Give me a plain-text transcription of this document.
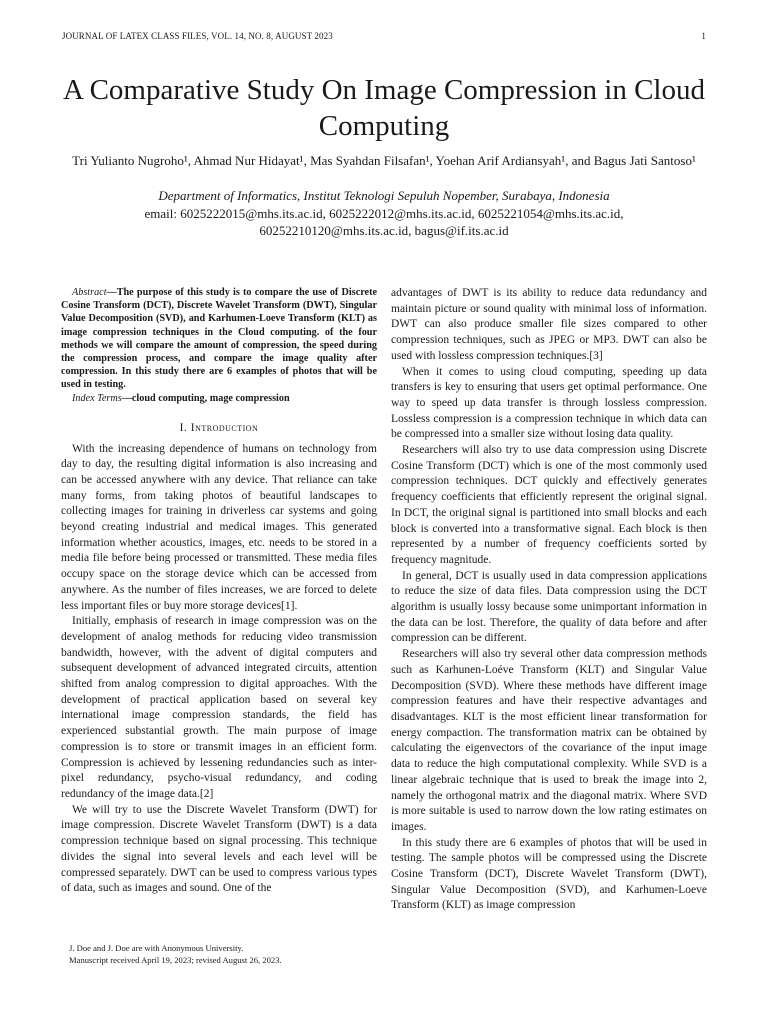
JOURNAL OF LATEX CLASS FILES, VOL. 14, NO. 8, AUGUST 2023	1
A Comparative Study On Image Compression in Cloud Computing
Tri Yulianto Nugroho¹, Ahmad Nur Hidayat¹, Mas Syahdan Filsafan¹, Yoehan Arif Ardiansyah¹, and Bagus Jati Santoso¹
Department of Informatics, Institut Teknologi Sepuluh Nopember, Surabaya, Indonesia
email: 6025222015@mhs.its.ac.id, 6025222012@mhs.its.ac.id, 6025221054@mhs.its.ac.id,
60252210120@mhs.its.ac.id, bagus@if.its.ac.id

Abstract—The purpose of this study is to compare the use of Discrete Cosine Transform (DCT), Discrete Wavelet Transform (DWT), Singular Value Decomposition (SVD), and Karhumen-Loeve Transform (KLT) as image compression techniques in the Cloud computing. of the four methods we will compare the amount of compression, the speed during the compression process, and compare the image quality after compression. In this study there are 6 examples of photos that will be used in testing.

Index Terms—cloud computing, mage compression

I. Introduction

With the increasing dependence of humans on technology from day to day, the resulting digital information is also increasing and can be accessed anywhere with any device. That reliance can take many forms, from taking photos of beautiful landscapes to collecting images for training in driverless car systems and going beyond creating industrial and medical images. This generated information whether acoustics, images, etc. needs to be stored in a media file before being processed or transmitted. These media files occupy space on the storage device which can be accessed from anywhere. As the number of files increases, we are forced to delete less important files or buy more storage devices[1].

Initially, emphasis of research in image compression was on the development of analog methods for reducing video transmission bandwidth, however, with the advent of digital computers and subsequent development of advanced integrated circuits, attention shifted from analog compression to digital approaches. With the development of practical application based on several key international image compression standards, the field has experienced substantial growth. The main purpose of image compression is to store or transmit images in an efficient form. Compression is achieved by lessening redundancies such as inter-pixel redundancy, psycho-visual redundancy, and coding redundancy of the image data.[2]

We will try to use the Discrete Wavelet Transform (DWT) for image compression. Discrete Wavelet Transform (DWT) is a data compression technique based on signal processing. This technique divides the signal into several levels and each level will be compressed separately. DWT can be used to compress various types of data, such as images and sound. One of the

advantages of DWT is its ability to reduce data redundancy and maintain picture or sound quality with minimal loss of information. DWT can also produce smaller file sizes compared to other compression techniques, such as JPEG or MP3. DWT can also be used with lossless compression techniques.[3]

When it comes to using cloud computing, speeding up data transfers is key to ensuring that users get optimal performance. One way to speed up data transfer is through lossless compression. Lossless compression is a compression technique in which data can be compressed into a smaller size without losing data quality.

Researchers will also try to use data compression using Discrete Cosine Transform (DCT) which is one of the most commonly used compression techniques. DCT quickly and effectively generates frequency coefficients that efficiently represent the original signal. In DCT, the original signal is partitioned into small blocks and each block is converted into a transformative signal. Each block is then represented by a number of frequency coefficients sorted by frequency magnitude.

In general, DCT is usually used in data compression applications to reduce the size of data files. Data compression using the DCT algorithm is usually lossy because some unimportant information in the data can be lost. Therefore, the quality of data before and after compression can be different.

Researchers will also try several other data compression methods such as Karhunen-Loéve Transform (KLT) and Singular Value Decomposition (SVD). Where these methods have different image compression features and have their respective advantages and disadvantages. KLT is the most efficient linear transformation for energy compaction. The transformation matrix can be obtained by calculating the eigenvectors of the covariance of the input image data to reduce the high computational complexity. While SVD is a linear algebraic technique that is used to break the image into 2, namely the orthogonal matrix and the diagonal matrix. Where SVD is more suitable is used to narrow down the low rating estimates on images.

In this study there are 6 examples of photos that will be used in testing. The sample photos will be compressed using the Discrete Cosine Transform (DCT), Discrete Wavelet Transform (DWT), Singular Value Decomposition (SVD), and Karhumen-Loeve Transform (KLT) as image compression

J. Doe and J. Doe are with Anonymous University.
Manuscript received April 19, 2023; revised August 26, 2023.
